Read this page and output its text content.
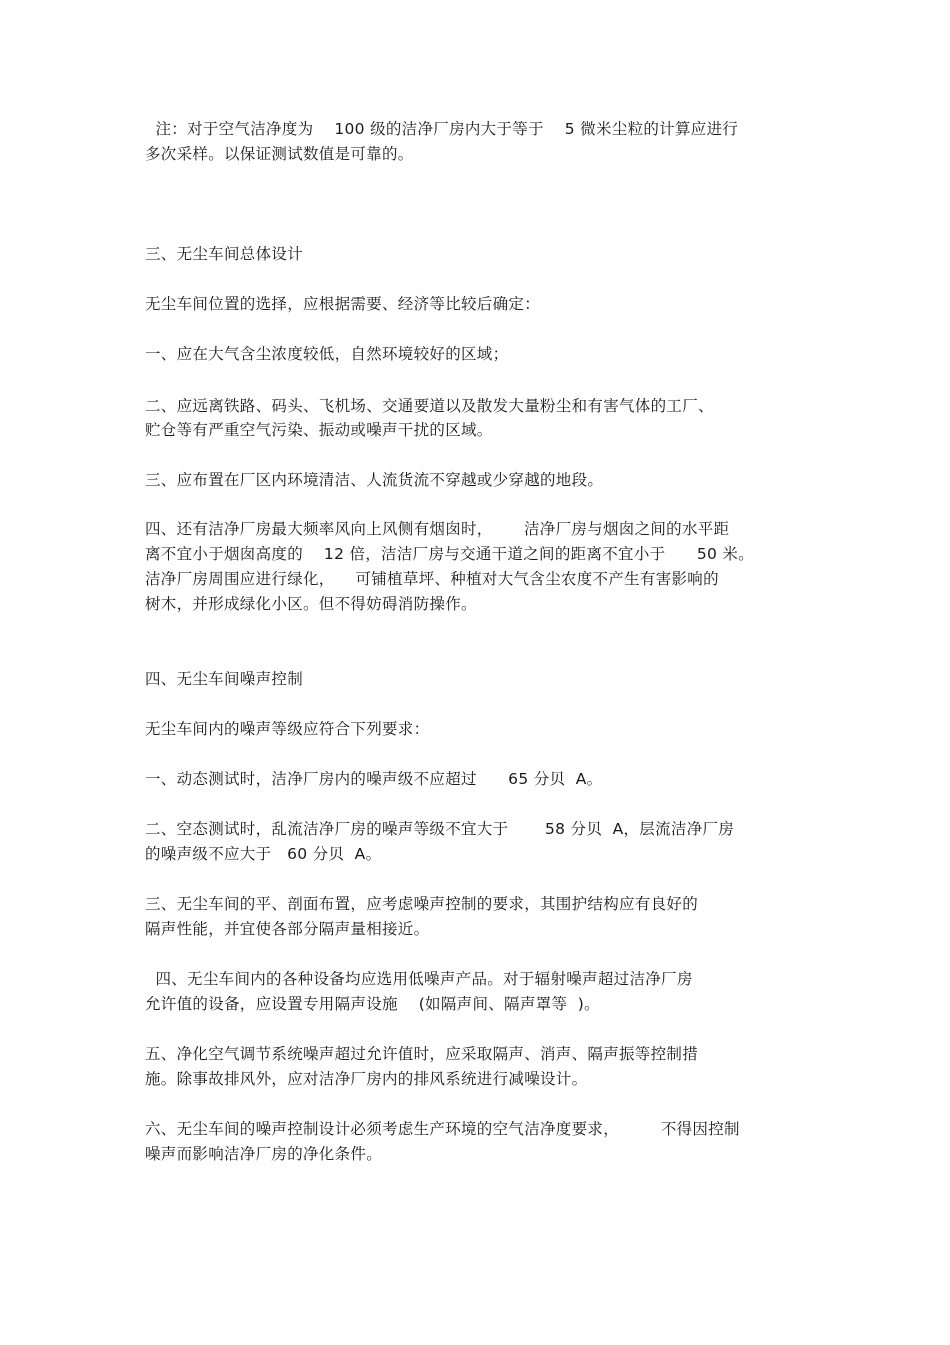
注：对于空气洁净度为    100 级的洁净厂房内大于等于    5 微米尘粒的计算应进行
多次采样。以保证测试数值是可靠的。
三、无尘车间总体设计
无尘车间位置的选择，应根据需要、经济等比较后确定：
一、应在大气含尘浓度较低，自然环境较好的区域；
二、应远离铁路、码头、飞机场、交通要道以及散发大量粉尘和有害气体的工厂、
贮仓等有严重空气污染、振动或噪声干扰的区域。
三、应布置在厂区内环境清洁、人流货流不穿越或少穿越的地段。
四、还有洁净厂房最大频率风向上风侧有烟囱时，      洁净厂房与烟囱之间的水平距
离不宜小于烟囱高度的    12 倍，洁洁厂房与交通干道之间的距离不宜小于      50 米。
洁净厂房周围应进行绿化，    可铺植草坪、种植对大气含尘农度不产生有害影响的
树木，并形成绿化小区。但不得妨碍消防操作。
四、无尘车间噪声控制
无尘车间内的噪声等级应符合下列要求：
一、动态测试时，洁净厂房内的噪声级不应超过      65 分贝  A。
二、空态测试时，乱流洁净厂房的噪声等级不宜大于       58 分贝  A，层流洁净厂房
的噪声级不应大于   60 分贝  A。
三、无尘车间的平、剖面布置，应考虑噪声控制的要求，其围护结构应有良好的
隔声性能，并宜使各部分隔声量相接近。
四、无尘车间内的各种设备均应选用低噪声产品。对于辐射噪声超过洁净厂房
允许值的设备，应设置专用隔声设施    (如隔声间、隔声罩等  )。
五、净化空气调节系统噪声超过允许值时，应采取隔声、消声、隔声振等控制措
施。除事故排风外，应对洁净厂房内的排风系统进行减噪设计。
六、无尘车间的噪声控制设计必须考虑生产环境的空气洁净度要求，        不得因控制
噪声而影响洁净厂房的净化条件。
